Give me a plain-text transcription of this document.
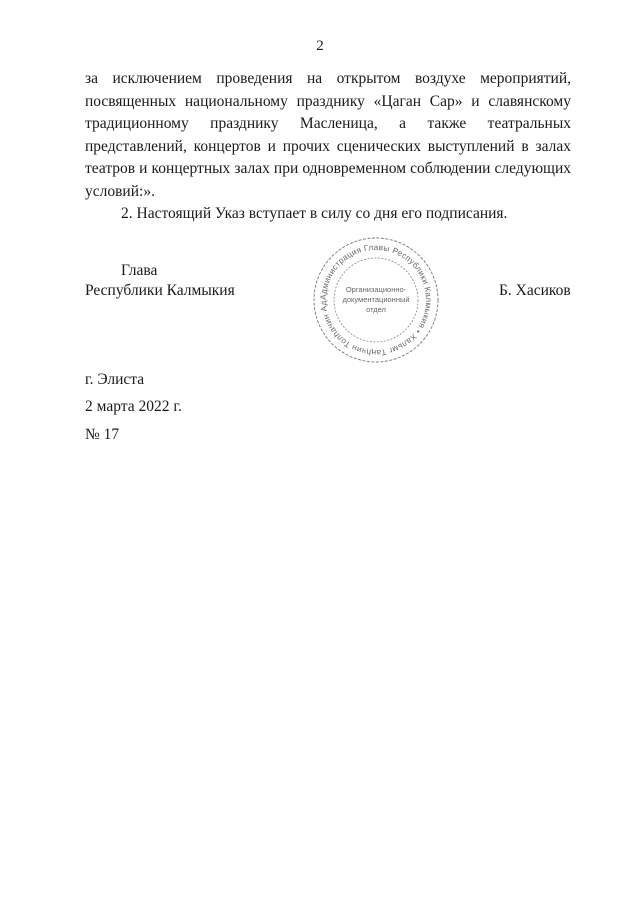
2

за исключением проведения на открытом воздухе мероприятий, посвященных национальному празднику «Цаган Сар» и славянскому традиционному празднику Масленица, а также театральных представлений, концертов и прочих сценических выступлений в залах театров и концертных залах при одновременном соблюдении следующих условий:».

2. Настоящий Указ вступает в силу со дня его подписания.

Глава
Республики Калмыкия	Администрация Главы Республики Калмыкия • Хальмг Таңһчин Толһачин Ад
Организационно-
документационный
отдел
Б. Хасиков
г. Элиста
2 марта 2022 г.
№ 17
